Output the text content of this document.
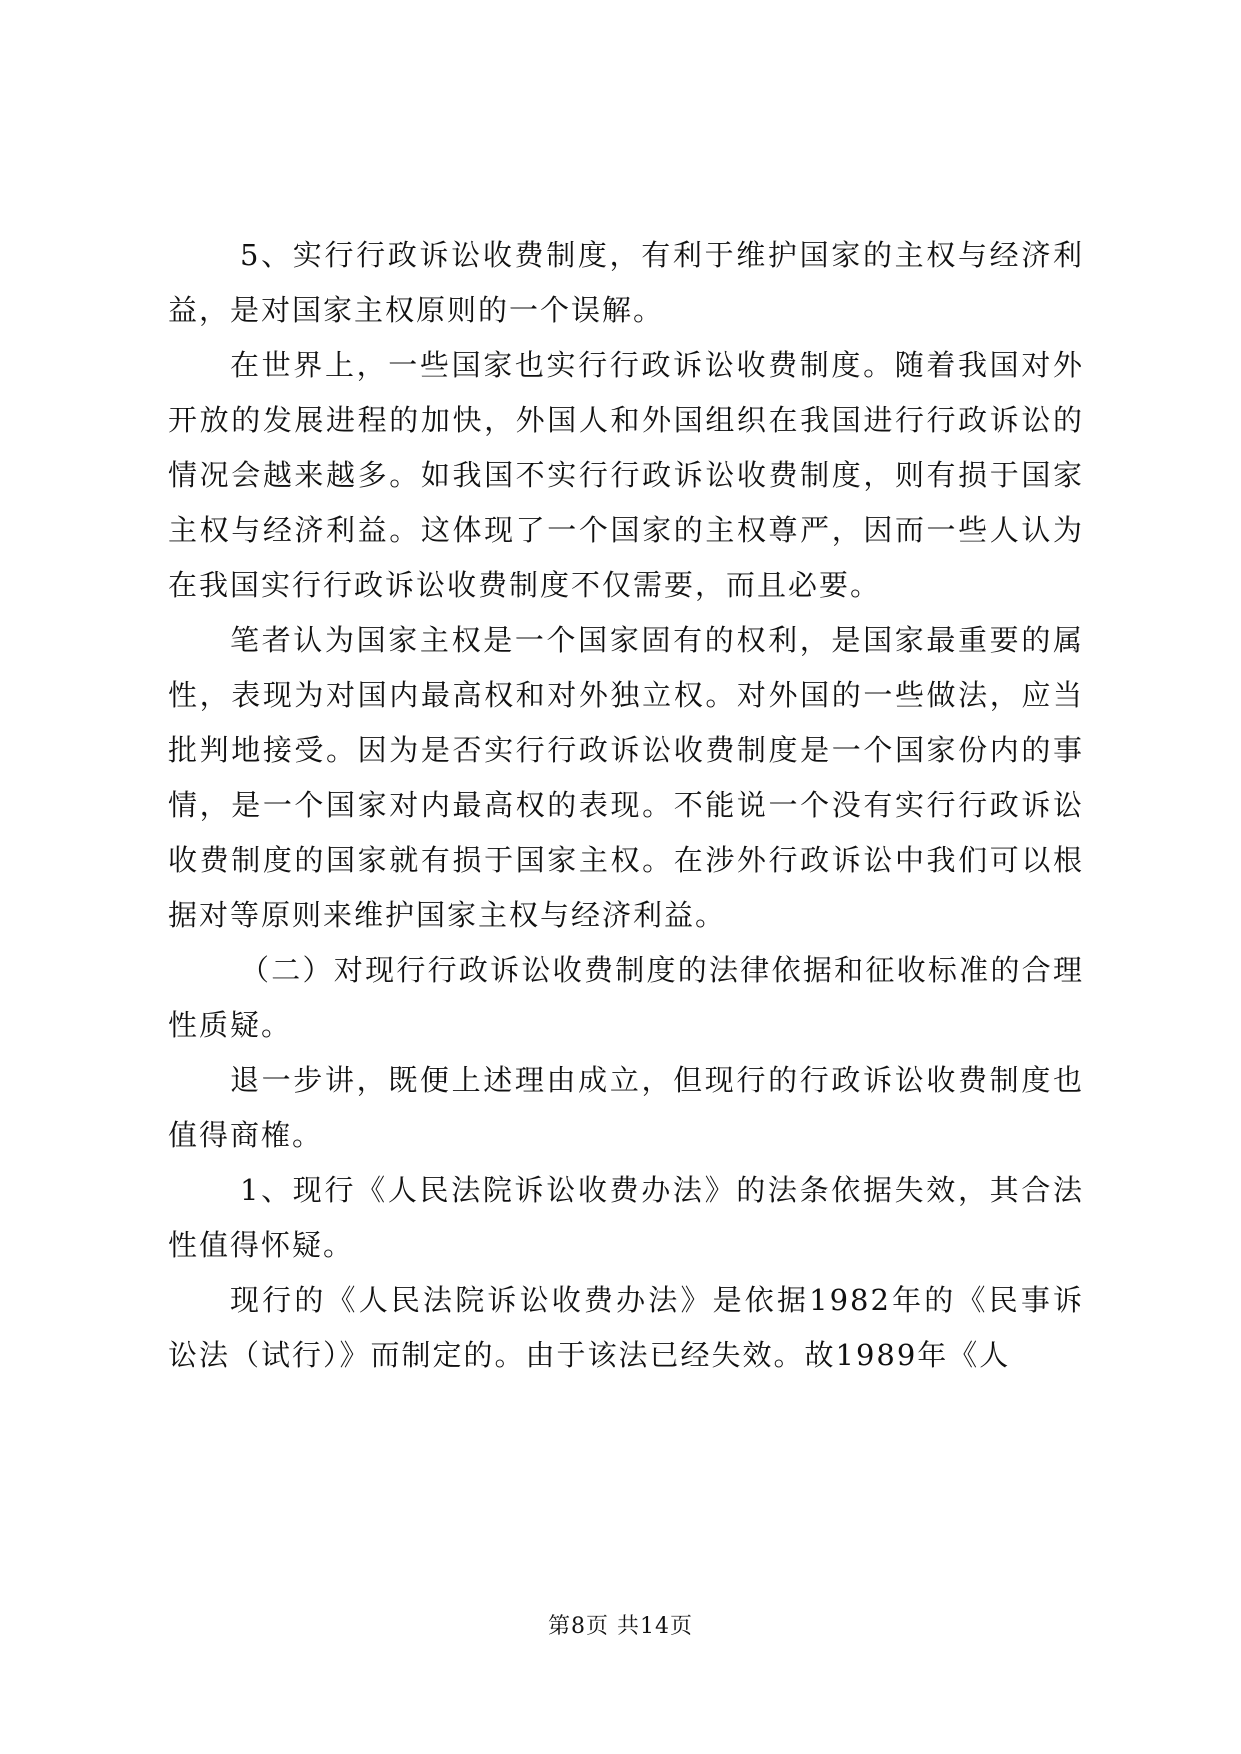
5、实行行政诉讼收费制度，有利于维护国家的主权与经济利益，是对国家主权原则的一个误解。

在世界上，一些国家也实行行政诉讼收费制度。随着我国对外开放的发展进程的加快，外国人和外国组织在我国进行行政诉讼的情况会越来越多。如我国不实行行政诉讼收费制度，则有损于国家主权与经济利益。这体现了一个国家的主权尊严，因而一些人认为在我国实行行政诉讼收费制度不仅需要，而且必要。

笔者认为国家主权是一个国家固有的权利，是国家最重要的属性，表现为对国内最高权和对外独立权。对外国的一些做法，应当批判地接受。因为是否实行行政诉讼收费制度是一个国家份内的事情，是一个国家对内最高权的表现。不能说一个没有实行行政诉讼收费制度的国家就有损于国家主权。在涉外行政诉讼中我们可以根据对等原则来维护国家主权与经济利益。

（二）对现行行政诉讼收费制度的法律依据和征收标准的合理性质疑。

退一步讲，既便上述理由成立，但现行的行政诉讼收费制度也值得商榷。

1、现行《人民法院诉讼收费办法》的法条依据失效，其合法性值得怀疑。

现行的《人民法院诉讼收费办法》是依据1982年的《民事诉讼法（试行）》而制定的。由于该法已经失效。故1989年《人

第8页 共14页
